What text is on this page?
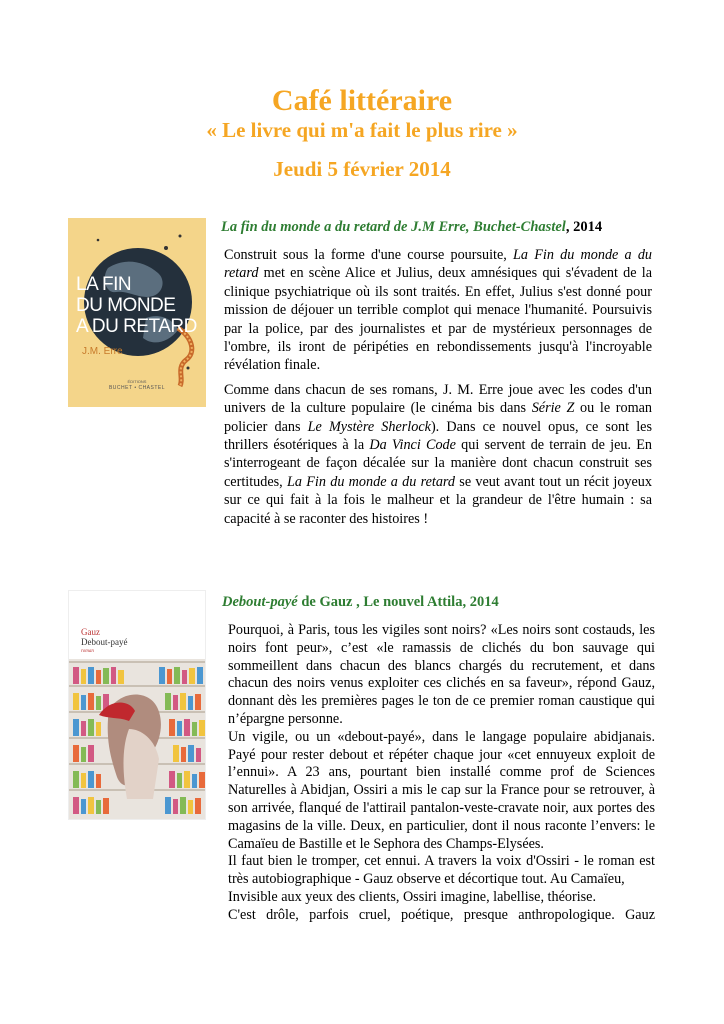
Café littéraire
« Le livre qui m'a fait le plus rire »
Jeudi 5 février 2014
La fin du monde a du retard de J.M Erre, Buchet-Chastel, 2014
LA FIN
DU MONDE
A DU RETARD
J.M. Erre
ÉDITIONS
BUCHET • CHASTEL

Construit sous la forme d'une course poursuite, La Fin du monde a du retard met en scène Alice et Julius, deux amnésiques qui s'évadent de la clinique psychiatrique où ils sont traités. En effet, Julius s'est donné pour mission de déjouer un terrible complot qui menace l'humanité. Poursuivis par la police, par des journalistes et par de mystérieux personnages de l'ombre, ils iront de péripéties en rebondissements jusqu'à l'incroyable révélation finale.

Comme dans chacun de ses romans, J. M. Erre joue avec les codes d'un univers de la culture populaire (le cinéma bis dans Série Z ou le roman policier dans Le Mystère Sherlock). Dans ce nouvel opus, ce sont les thrillers ésotériques à la Da Vinci Code qui servent de terrain de jeu. En s'interrogeant de façon décalée sur la manière dont chacun construit ses certitudes, La Fin du monde a du retard se veut avant tout un récit joyeux sur ce qui fait à la fois le malheur et la grandeur de l'être humain : sa capacité à se raconter des histoires !

Debout-payé de Gauz , Le nouvel Attila, 2014
Gauz
Debout-payé
roman

Pourquoi, à Paris, tous les vigiles sont noirs? «Les noirs sont costauds, les noirs font peur», c’est «le ramassis de clichés du bon sauvage qui sommeillent dans chacun des blancs chargés du recrutement, et dans chacun des noirs venus exploiter ces clichés en sa faveur», répond Gauz, donnant dès les premières pages le ton de ce premier roman caustique qui n’épargne personne.

Un vigile, ou un «debout-payé», dans le langage populaire abidjanais. Payé pour rester debout et répéter chaque jour «cet ennuyeux exploit de l’ennui». A 23 ans, pourtant bien installé comme prof de Sciences Naturelles à Abidjan, Ossiri a mis le cap sur la France pour se retrouver, à son arrivée, flanqué de l'attirail pantalon-veste-cravate noir, aux portes des magasins de la ville. Deux, en particulier, dont il nous raconte l’envers: le Camaïeu de Bastille et le Sephora des Champs-Elysées.

Il faut bien le tromper, cet ennui. A travers la voix d'Ossiri - le roman est très autobiographique - Gauz observe et décortique tout. Au Camaïeu,

Invisible aux yeux des clients, Ossiri imagine, labellise, théorise.

C'est drôle, parfois cruel, poétique, presque anthropologique. Gauz
